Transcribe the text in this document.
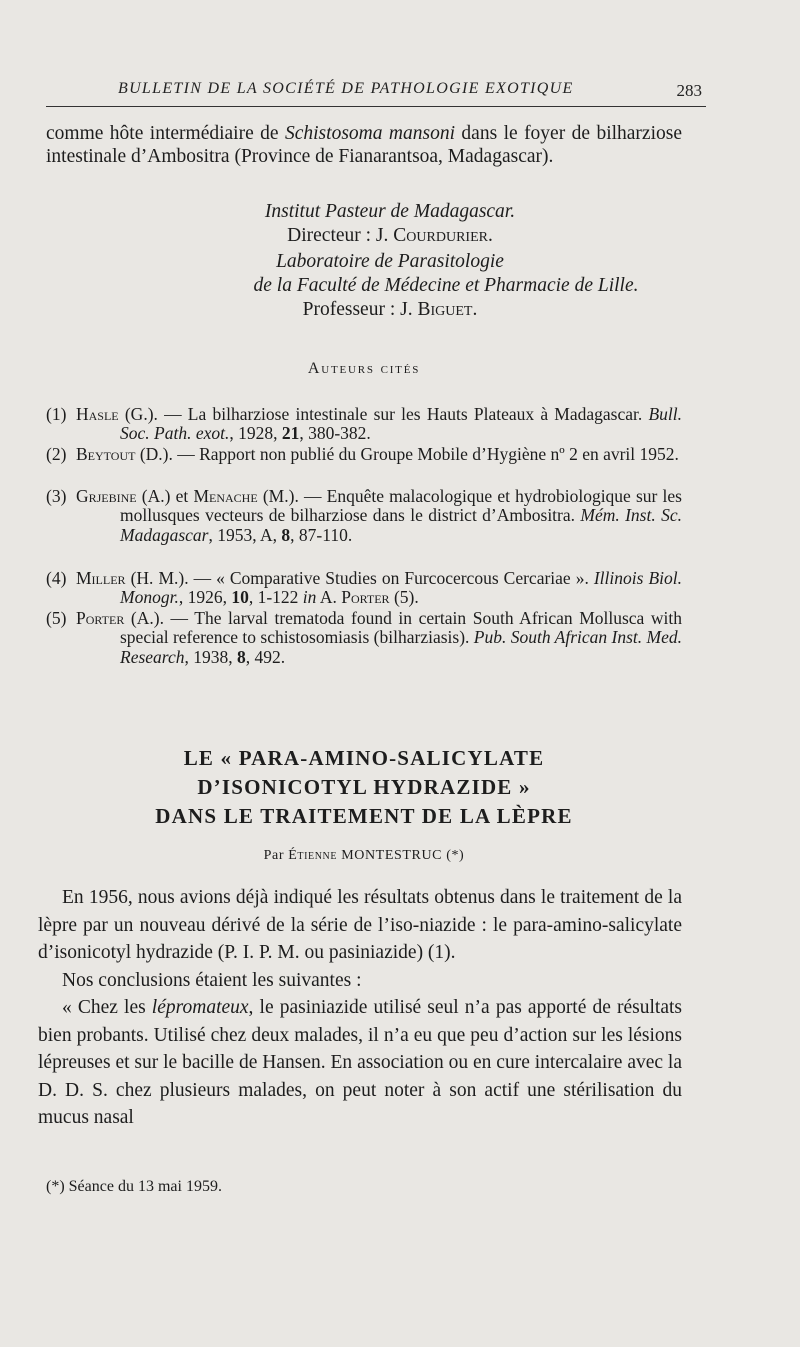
BULLETIN DE LA SOCIÉTÉ DE PATHOLOGIE EXOTIQUE	283

comme hôte intermédiaire de Schistosoma mansoni dans le foyer de bilharziose intestinale d’Ambositra (Province de Fianarantsoa, Madagascar).

Institut Pasteur de Madagascar.

Directeur : J. Courdurier.

Laboratoire de Parasitologie

de la Faculté de Médecine et Pharmacie de Lille.

Professeur : J. Biguet.

Auteurs cités
(1) Hasle (G.). — La bilharziose intestinale sur les Hauts Plateaux à Madagascar. Bull. Soc. Path. exot., 1928, 21, 380-382.
(2) Beytout (D.). — Rapport non publié du Groupe Mobile d’Hygiène nº 2 en avril 1952.
(3) Grjebine (A.) et Menache (M.). — Enquête malacologique et hydrobiologique sur les mollusques vecteurs de bilharziose dans le district d’Ambositra. Mém. Inst. Sc. Madagascar, 1953, A, 8, 87-110.
(4) Miller (H. M.). — « Comparative Studies on Furcocercous Cercariae ». Illinois Biol. Monogr., 1926, 10, 1-122 in A. Porter (5).
(5) Porter (A.). — The larval trematoda found in certain South African Mollusca with special reference to schistosomiasis (bilharziasis). Pub. South African Inst. Med. Research, 1938, 8, 492.
LE « PARA-AMINO-SALICYLATE
D’ISONICOTYL HYDRAZIDE »
DANS LE TRAITEMENT DE LA LÈPRE
Par Étienne MONTESTRUC (*)

En 1956, nous avions déjà indiqué les résultats obtenus dans le traitement de la lèpre par un nouveau dérivé de la série de l’iso-niazide : le para-amino-salicylate d’isonicotyl hydrazide (P. I. P. M. ou pasiniazide) (1).

Nos conclusions étaient les suivantes :

« Chez les lépromateux, le pasiniazide utilisé seul n’a pas apporté de résultats bien probants. Utilisé chez deux malades, il n’a eu que peu d’action sur les lésions lépreuses et sur le bacille de Hansen. En association ou en cure intercalaire avec la D. D. S. chez plusieurs malades, on peut noter à son actif une stérilisation du mucus nasal

(*) Séance du 13 mai 1959.
